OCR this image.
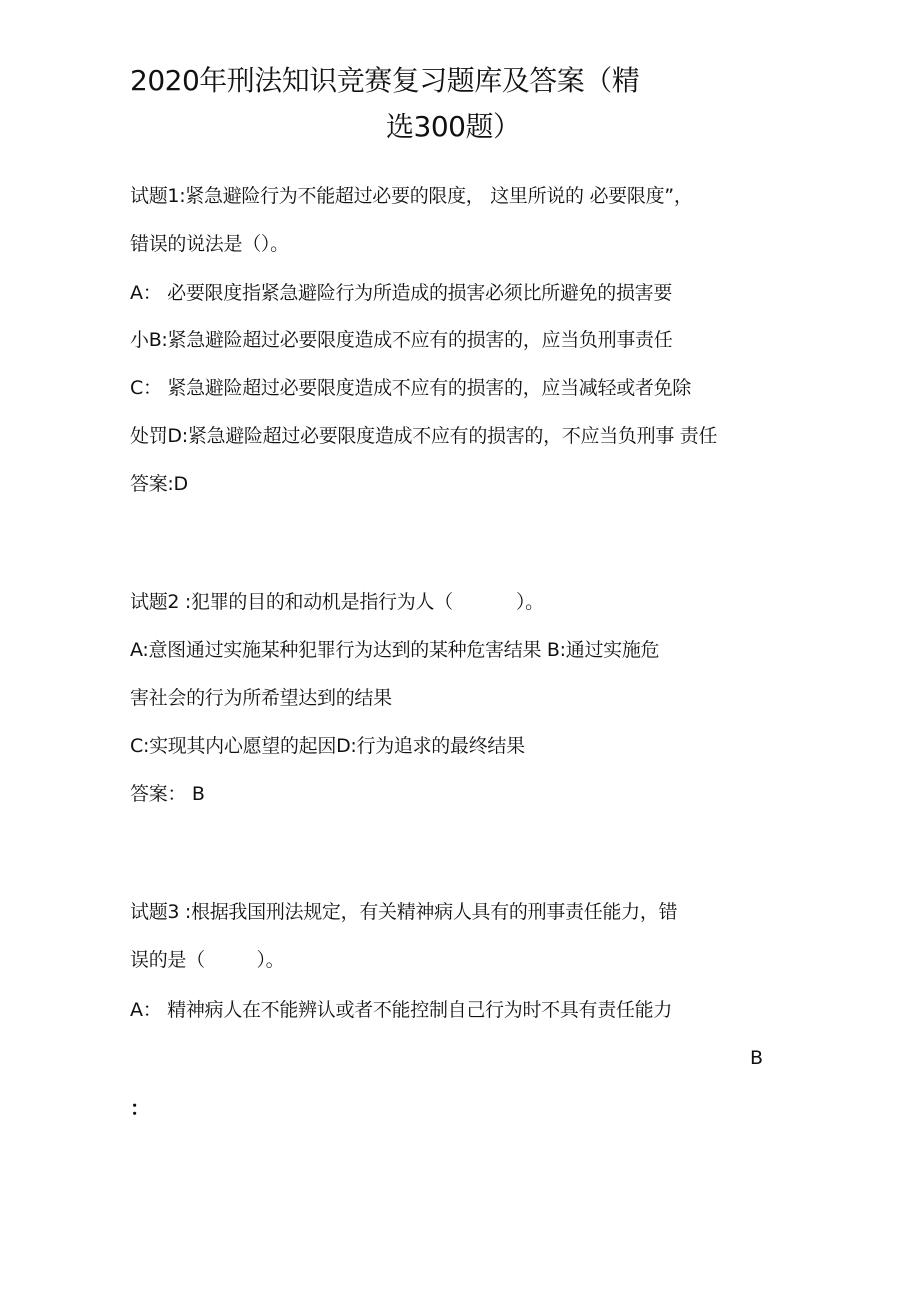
2020年刑法知识竞赛复习题库及答案（精
选300题）
试题1:紧急避险行为不能超过必要的限度， 这里所说的 必要限度”，
错误的说法是（）。
A： 必要限度指紧急避险行为所造成的损害必须比所避免的损害要
小B:紧急避险超过必要限度造成不应有的损害的，应当负刑事责任
C： 紧急避险超过必要限度造成不应有的损害的，应当减轻或者免除
处罚D:紧急避险超过必要限度造成不应有的损害的，不应当负刑事 责任
答案:D
试题2 :犯罪的目的和动机是指行为人（           ）。
A:意图通过实施某种犯罪行为达到的某种危害结果 B:通过实施危
害社会的行为所希望达到的结果
C:实现其内心愿望的起因D:行为追求的最终结果
答案： B
试题3 :根据我国刑法规定，有关精神病人具有的刑事责任能力，错
误的是（         ）。
A： 精神病人在不能辨认或者不能控制自己行为时不具有责任能力
B
：
